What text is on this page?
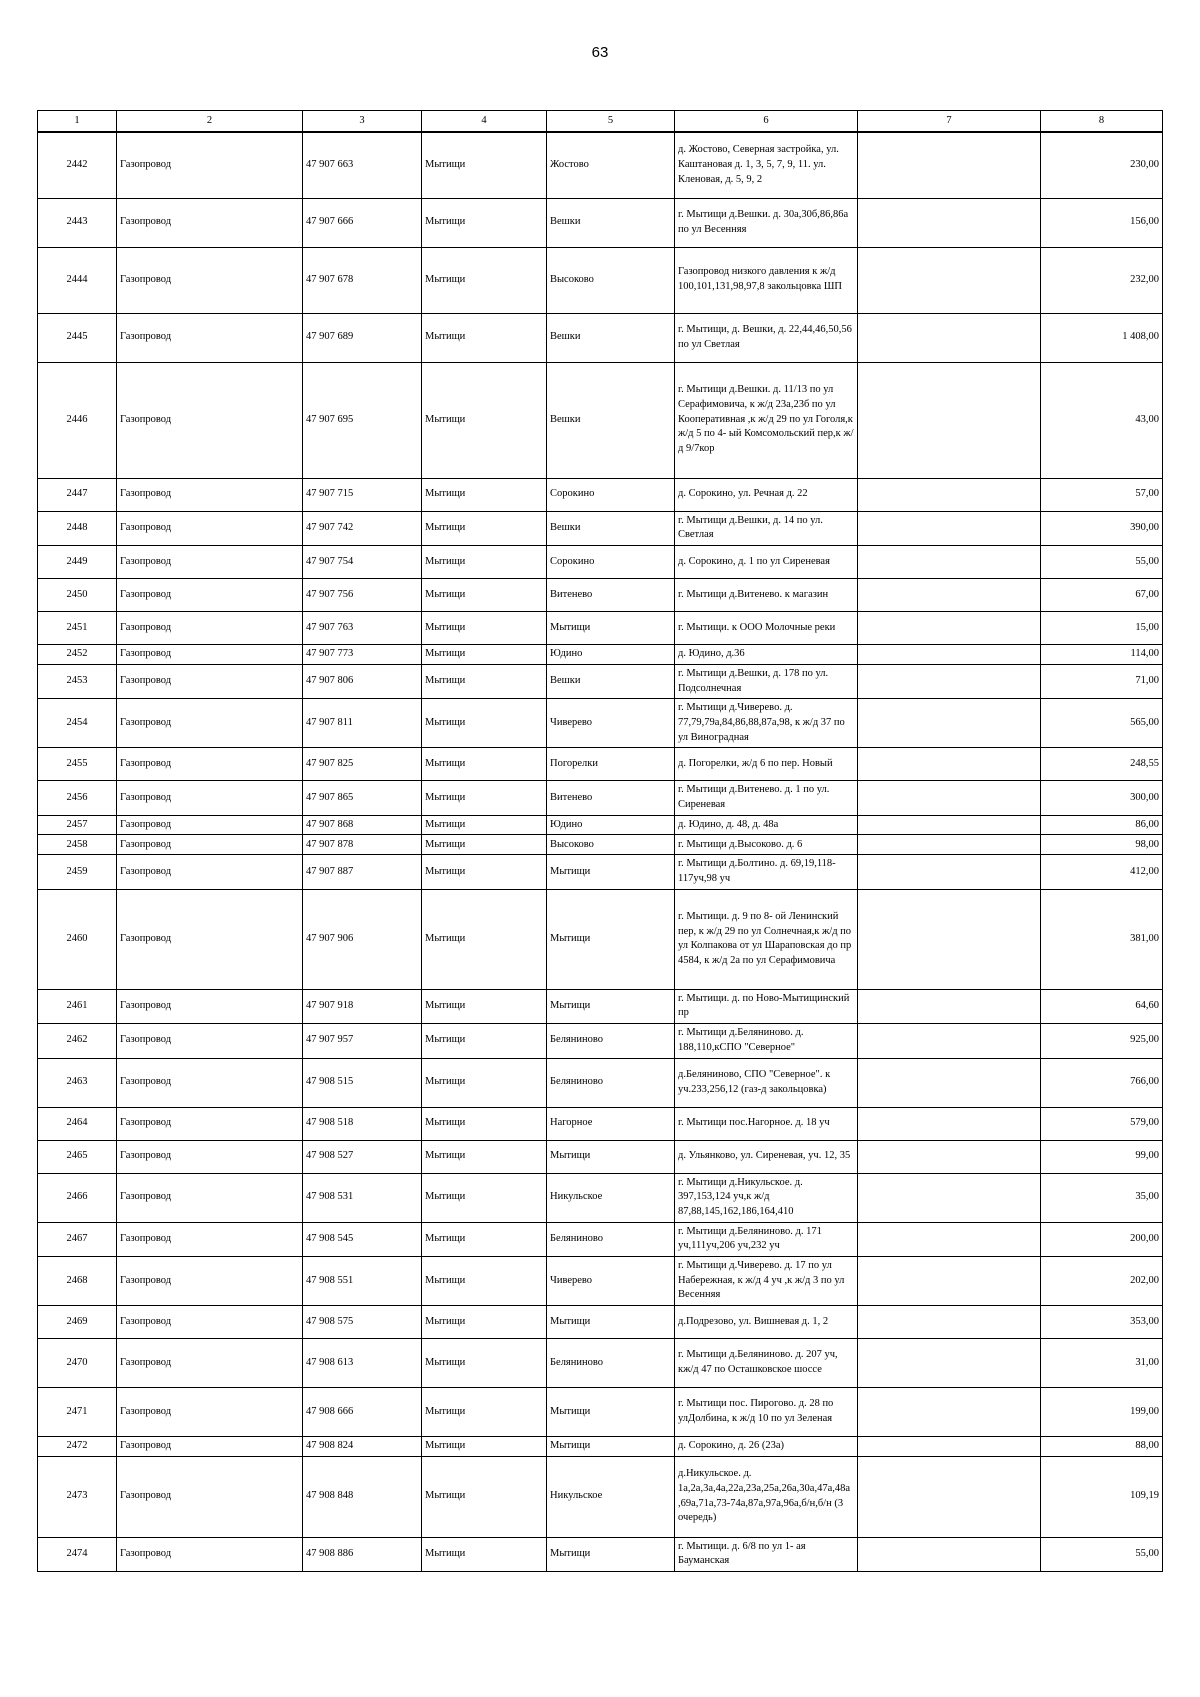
63
1	2	3	4	5	6	7	8
2442	Газопровод	47 907 663	Мытищи	Жостово	д. Жостово, Северная застройка, ул. Каштановая д. 1, 3, 5, 7, 9, 11. ул. Кленовая, д. 5, 9, 2		230,00
2443	Газопровод	47 907 666	Мытищи	Вешки	г. Мытищи д.Вешки. д. 30а,30б,86,86а по ул Весенняя		156,00
2444	Газопровод	47 907 678	Мытищи	Высоково	Газопровод низкого давления к ж/д 100,101,131,98,97,8 закольцовка ШП		232,00
2445	Газопровод	47 907 689	Мытищи	Вешки	г. Мытищи, д. Вешки, д. 22,44,46,50,56 по ул Светлая		1 408,00
2446	Газопровод	47 907 695	Мытищи	Вешки	г. Мытищи д.Вешки. д. 11/13 по ул Серафимовича, к ж/д 23а,23б по ул Кооперативная ,к ж/д 29 по ул Гоголя,к ж/д 5 по 4- ый Комсомольский пер,к ж/д 9/7кор		43,00
2447	Газопровод	47 907 715	Мытищи	Сорокино	д. Сорокино, ул. Речная д. 22		57,00
2448	Газопровод	47 907 742	Мытищи	Вешки	г. Мытищи д.Вешки, д. 14 по ул. Светлая		390,00
2449	Газопровод	47 907 754	Мытищи	Сорокино	д. Сорокино, д. 1 по ул Сиреневая		55,00
2450	Газопровод	47 907 756	Мытищи	Витенево	г. Мытищи д.Витенево. к магазин		67,00
2451	Газопровод	47 907 763	Мытищи	Мытищи	г. Мытищи. к ООО Молочные реки		15,00
2452	Газопровод	47 907 773	Мытищи	Юдино	д. Юдино, д.36		114,00
2453	Газопровод	47 907 806	Мытищи	Вешки	г. Мытищи д.Вешки, д. 178 по ул. Подсолнечная		71,00
2454	Газопровод	47 907 811	Мытищи	Чиверево	г. Мытищи д.Чиверево. д. 77,79,79а,84,86,88,87а,98, к ж/д 37 по ул Виноградная		565,00
2455	Газопровод	47 907 825	Мытищи	Погорелки	д. Погорелки, ж/д 6 по пер. Новый		248,55
2456	Газопровод	47 907 865	Мытищи	Витенево	г. Мытищи д.Витенево. д. 1 по ул. Сиреневая		300,00
2457	Газопровод	47 907 868	Мытищи	Юдино	д. Юдино, д. 48, д. 48а		86,00
2458	Газопровод	47 907 878	Мытищи	Высоково	г. Мытищи д.Высоково. д. 6		98,00
2459	Газопровод	47 907 887	Мытищи	Мытищи	г. Мытищи д.Болтино. д. 69,19,118-117уч,98 уч		412,00
2460	Газопровод	47 907 906	Мытищи	Мытищи	г. Мытищи. д. 9 по 8- ой Ленинский пер, к ж/д 29 по ул Солнечная,к ж/д по ул Колпакова от ул Шараповская до пр 4584, к ж/д 2а по ул Серафимовича		381,00
2461	Газопровод	47 907 918	Мытищи	Мытищи	г. Мытищи. д. по Ново-Мытищинский пр		64,60
2462	Газопровод	47 907 957	Мытищи	Беляниново	г. Мытищи д.Беляниново. д. 188,110,кСПО "Северное"		925,00
2463	Газопровод	47 908 515	Мытищи	Беляниново	д.Беляниново, СПО "Северное". к уч.233,256,12 (газ-д закольцовка)		766,00
2464	Газопровод	47 908 518	Мытищи	Нагорное	г. Мытищи пос.Нагорное. д. 18 уч		579,00
2465	Газопровод	47 908 527	Мытищи	Мытищи	д. Ульянково, ул. Сиреневая, уч. 12, 35		99,00
2466	Газопровод	47 908 531	Мытищи	Никульское	г. Мытищи д.Никульское. д. 397,153,124 уч,к ж/д 87,88,145,162,186,164,410		35,00
2467	Газопровод	47 908 545	Мытищи	Беляниново	г. Мытищи д.Беляниново. д. 171 уч,111уч,206 уч,232 уч		200,00
2468	Газопровод	47 908 551	Мытищи	Чиверево	г. Мытищи д.Чиверево. д. 17 по ул Набережная, к ж/д 4 уч ,к ж/д 3 по ул Весенняя		202,00
2469	Газопровод	47 908 575	Мытищи	Мытищи	д.Подрезово, ул. Вишневая д. 1, 2		353,00
2470	Газопровод	47 908 613	Мытищи	Беляниново	г. Мытищи д.Беляниново. д. 207 уч, кж/д 47 по Осташковское шоссе		31,00
2471	Газопровод	47 908 666	Мытищи	Мытищи	г. Мытищи пос. Пирогово. д. 28 по улДолбина, к ж/д 10 по ул Зеленая		199,00
2472	Газопровод	47 908 824	Мытищи	Мытищи	д. Сорокино, д. 26 (23а)		88,00
2473	Газопровод	47 908 848	Мытищи	Никульское	д.Никульское. д. 1а,2а,3а,4а,22а,23а,25а,26а,30а,47а,48а ,69а,71а,73-74а,87а,97а,96а,б/н,б/н (3 очередь)		109,19
2474	Газопровод	47 908 886	Мытищи	Мытищи	г. Мытищи. д. 6/8 по ул 1- ая Бауманская		55,00
